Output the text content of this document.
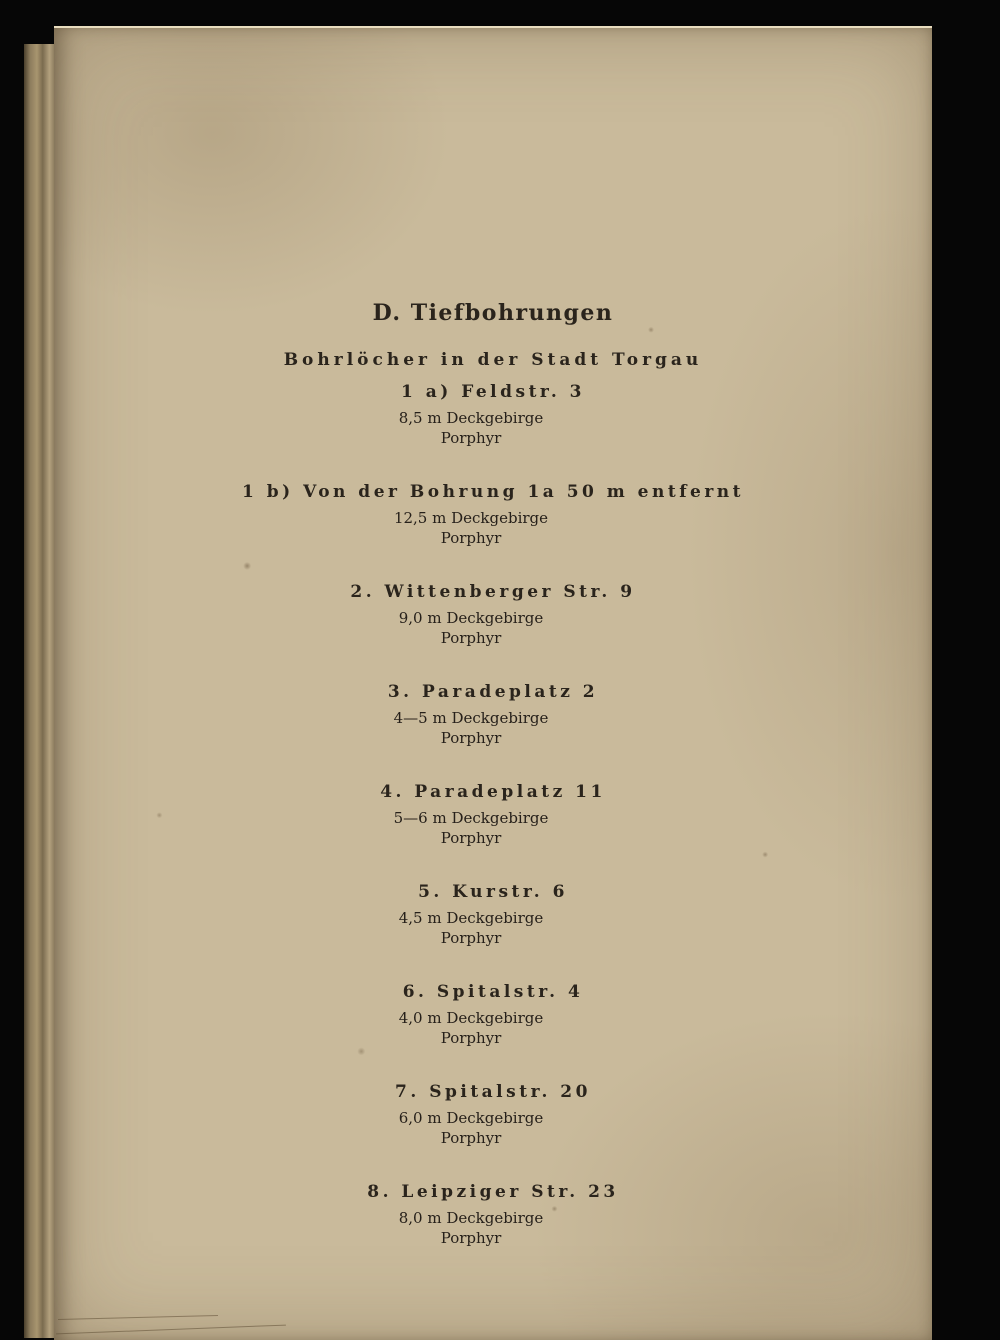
D. Tiefbohrungen
Bohrlöcher in der Stadt Torgau
1 a) Feldstr. 3
8,5 m Deckgebirge
Porphyr
1 b) Von der Bohrung 1a 50 m entfernt
12,5 m Deckgebirge
Porphyr
2. Wittenberger Str. 9
9,0 m Deckgebirge
Porphyr
3. Paradeplatz 2
4—5 m Deckgebirge
Porphyr
4. Paradeplatz 11
5—6 m Deckgebirge
Porphyr
5. Kurstr. 6
4,5 m Deckgebirge
Porphyr
6. Spitalstr. 4
4,0 m Deckgebirge
Porphyr
7. Spitalstr. 20
6,0 m Deckgebirge
Porphyr
8. Leipziger Str. 23
8,0 m Deckgebirge
Porphyr
